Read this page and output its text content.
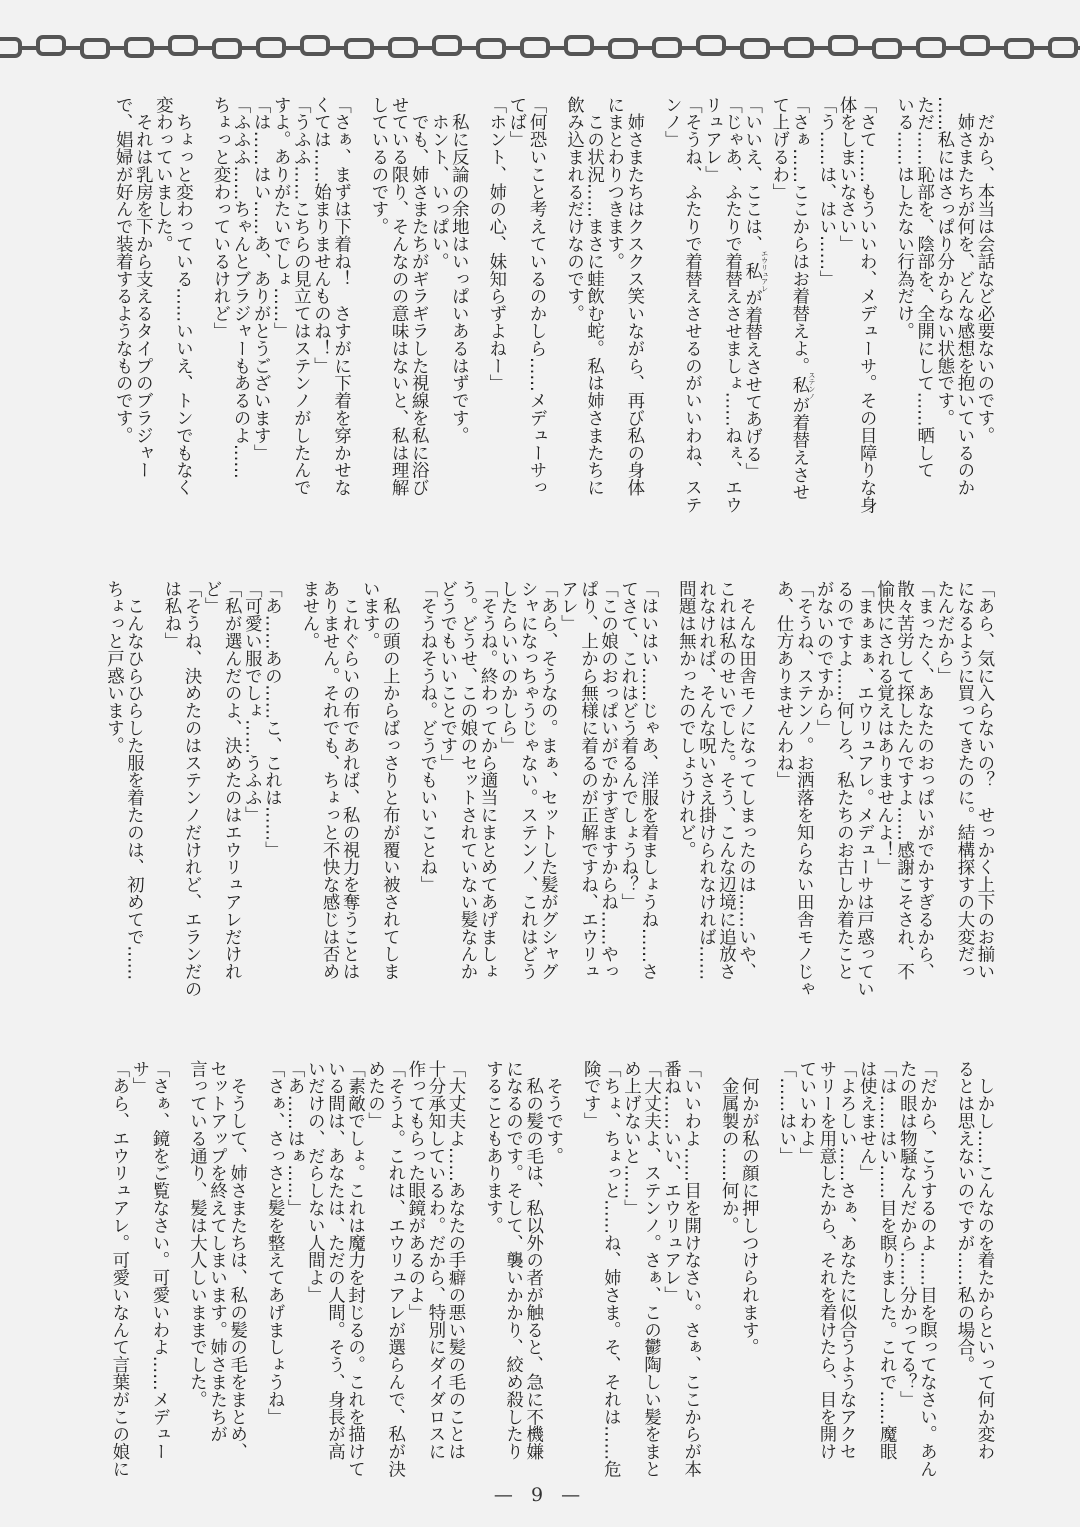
　だから、本当は会話など必要ないのです。
　姉さまたちが何を、どんな感想を抱いているのか
……私にはさっぱり分からない状態です。
ただ……恥部を、陰部を、全開にして……晒して
いる……はしたない行為だけ。
「さて……もういいわ、メデューサ。その目障りな身
体をしまいなさい」
「う……は、はい……」
「さぁ……ここからはお着替えよ。私 ステンノが着替えさせ
て上げるわ」
「いいえ、ここは、私 エウリュアレが着替えさせてあげる」
「じゃあ、ふたりで着替えさせましょ……ねぇ、エウ
リュアレ」
「そうね、ふたりで着替えさせるのがいいわね、ステ
ンノ」
　姉さまたちはクスクス笑いながら、再び私の身体
にまとわりつきます。
　この状況……まさに蛙飲む蛇。私は姉さまたちに
飲み込まれるだけなのです。
「何恐いこと考えているのかしら……メデューサっ
てば」
「ホント、姉の心、妹知らずよねー」
　私に反論の余地はいっぱいあるはずです。
　ホント、いっぱい。
　でも、姉さまたちがギラギラした視線を私に浴び
せている限り、そんなのの意味はないと、私は理解
しているのです。
「さぁ、まずは下着ね！　さすがに下着を穿かせな
くては……始まりませんものね！」
「うふふ……こちらの見立てはステンノがしたんで
すよ。ありがたいでしょ……」
「は……はい……あ、ありがとうございます」
「ふふふ……ちゃんとブラジャーもあるのよ……
ちょっと変わっているけれど」
　ちょっと変わっている……いいえ、トンでもなく
変わっていました。
　それは乳房を下から支えるタイプのブラジャー
で、娼婦が好んで装着するようなものです。
「あら、気に入らないの？　せっかく上下のお揃い
になるように買ってきたのに。結構探すの大変だっ
たんだから」
「まったく、あなたのおっぱいがでかすぎるから、
散々苦労して探したんですよ……感謝こそされ、不
愉快にされる覚えはありませんよ！」
「まぁまぁ、エウリュアレ。メデューサは戸惑ってい
るのですよ……何しろ、私たちのお古しか着たこと
がないのですから」
「そうね、ステンノ。お洒落を知らない田舎モノじゃ
あ、仕方ありませんわね」
　そんな田舎モノになってしまったのは……いや、
これは私のせいでした。そう、こんな辺境に追放さ
れなければ、そんな呪いさえ掛けられなければ……
問題は無かったのでしょうけれど。
「はいはい……じゃあ、洋服を着ましょうね……さ
てさて、これはどう着るんでしょうね？」
「この娘のおっぱいがでかすぎますからね……やっ
ぱり、上から無様に着るのが正解ですね、エウリュ
アレ」
「あら、そうなの。まぁ、セットした髪がグシャグ
シャになっちゃうじゃない。ステンノ、これはどう
したらいいのかしら」
「そうね。終わってから適当にまとめてあげましょ
う。どうせ、この娘のセットされていない髪なんか
どうでもいいことです」
「そうねそうね。どうでもいいことね」
　私の頭の上からばっさりと布が覆い被されてしま
います。
　これぐらいの布であれば、私の視力を奪うことは
ありません。それでも、ちょっと不快な感じは否め
ません。
「あ……あの……こ、これは……」
「可愛い服でしょ……うふふ」
「私が選んだのよ、決めたのはエウリュアレだけれ
ど」
「そうね、決めたのはステンノだけれど、エランだの
は私ね」
　こんなひらひらした服を着たのは、初めてで……
ちょっと戸惑います。
　しかし……こんなのを着たからといって何か変わ
るとは思えないのですが……私の場合。
「だから、こうするのよ……目を瞑ってなさい。あん
たの眼は物騒なんだから……分かってる？」
「は……はい……目を瞑りました。これで……魔眼
は使えません」
「よろしい……さぁ、あなたに似合うようなアクセ
サリーを用意したから、それを着けたら、目を開け
ていいわよ」
「……はい」
　何かが私の顔に押しつけられます。
　金属製の……何か。
「いいわよ……目を開けなさい。さぁ、ここからが本
番ね……いい、エウリュアレ」
「大丈夫よ、ステンノ。さぁ、この鬱陶しい髪をまと
め上げないと……」
「ちょ、ちょっと……ね、姉さま。そ、それは……危
険です」
　そうです。
　私の髪の毛は、私以外の者が触ると、急に不機嫌
になるのです。そして、襲いかかり、絞め殺したり
することもあります。
「大丈夫よ……あなたの手癖の悪い髪の毛のことは
十分承知しているわ。だから、特別にダイダロスに
作ってもらった眼鏡があるのよ」
「そうよ。これは、エウリュアレが選らんで、私が決
めたの」
「素敵でしょ。これは魔力を封じるの。これを描けて
いる間は、あなたは、ただの人間。そう、身長が高
いだけの、だらしない人間よ」
「あ……はぁ……」
「さぁ、さっさと髪を整えてあげましょうね」
　そうして、姉さまたちは、私の髪の毛をまとめ、
セットアップを終えてしまいます。姉さまたちが
言っている通り、髪は大人しいままでした。
「さぁ、鏡をご覧なさい。可愛いわよ……メデュー
サ」
「あら、エウリュアレ。可愛いなんて言葉がこの娘に
— 9 —
